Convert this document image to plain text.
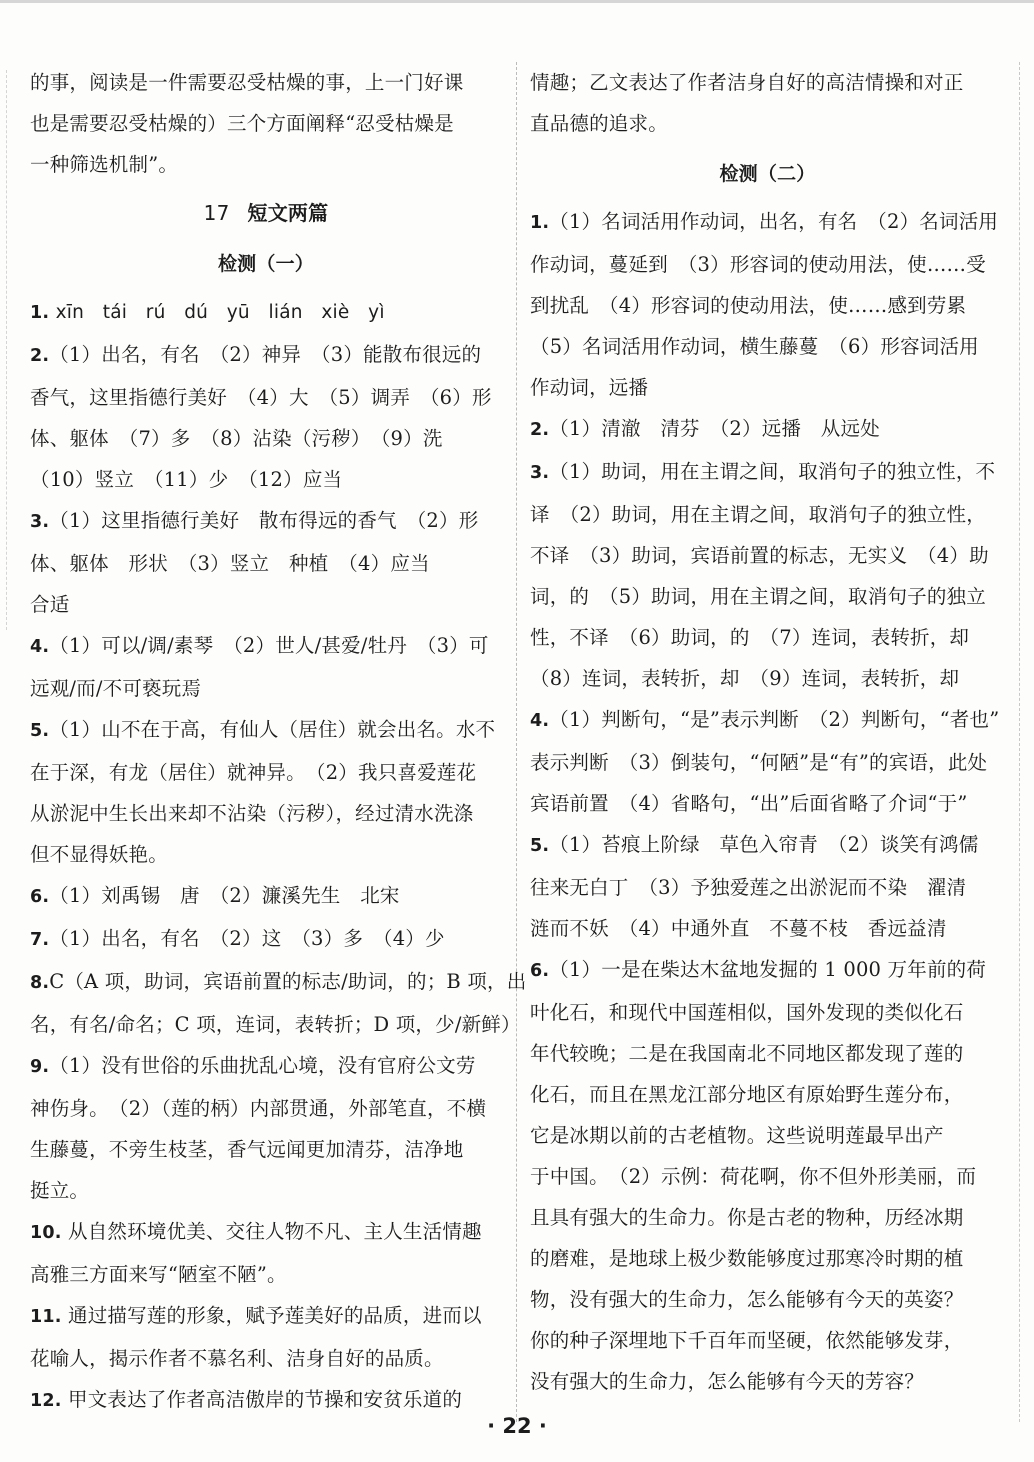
的事，阅读是一件需要忍受枯燥的事，上一门好课

也是需要忍受枯燥的）三个方面阐释“忍受枯燥是

一种筛选机制”。

17 短文两篇

检测（一）

1. xīn　tái　rú　dú　yū　lián　xiè　yì

2.（1）出名，有名　（2）神异　（3）能散布很远的

香气，这里指德行美好　（4）大　（5）调弄　（6）形

体、躯体　（7）多　（8）沾染（污秽）　（9）洗

（10）竖立　（11）少　（12）应当

3.（1）这里指德行美好　散布得远的香气　（2）形

体、躯体　形状　（3）竖立　种植　（4）应当

合适

4.（1）可以/调/素琴　（2）世人/甚爱/牡丹　（3）可

远观/而/不可亵玩焉

5.（1）山不在于高，有仙人（居住）就会出名。水不

在于深，有龙（居住）就神异。　（2）我只喜爱莲花

从淤泥中生长出来却不沾染（污秽），经过清水洗涤

但不显得妖艳。

6.（1）刘禹锡　唐　（2）濂溪先生　北宋

7.（1）出名，有名　（2）这　（3）多　（4）少

8.C（A 项，助词，宾语前置的标志/助词，的；B 项，出

名，有名/命名；C 项，连词，表转折；D 项，少/新鲜）

9.（1）没有世俗的乐曲扰乱心境，没有官府公文劳

神伤身。　（2）（莲的柄）内部贯通，外部笔直，不横

生藤蔓，不旁生枝茎，香气远闻更加清芬，洁净地

挺立。

10. 从自然环境优美、交往人物不凡、主人生活情趣

高雅三方面来写“陋室不陋”。

11. 通过描写莲的形象，赋予莲美好的品质，进而以

花喻人，揭示作者不慕名利、洁身自好的品质。

12. 甲文表达了作者高洁傲岸的节操和安贫乐道的

情趣；乙文表达了作者洁身自好的高洁情操和对正

直品德的追求。

检测（二）

1.（1）名词活用作动词，出名，有名　（2）名词活用

作动词，蔓延到　（3）形容词的使动用法，使……受

到扰乱　（4）形容词的使动用法，使……感到劳累

（5）名词活用作动词，横生藤蔓　（6）形容词活用

作动词，远播

2.（1）清澈　清芬　（2）远播　从远处

3.（1）助词，用在主谓之间，取消句子的独立性，不

译　（2）助词，用在主谓之间，取消句子的独立性，

不译　（3）助词，宾语前置的标志，无实义　（4）助

词，的　（5）助词，用在主谓之间，取消句子的独立

性，不译　（6）助词，的　（7）连词，表转折，却

（8）连词，表转折，却　（9）连词，表转折，却

4.（1）判断句，“是”表示判断　（2）判断句，“者也”

表示判断　（3）倒装句，“何陋”是“有”的宾语，此处

宾语前置　（4）省略句，“出”后面省略了介词“于”

5.（1）苔痕上阶绿　草色入帘青　（2）谈笑有鸿儒

往来无白丁　（3）予独爱莲之出淤泥而不染　濯清

涟而不妖　（4）中通外直　不蔓不枝　香远益清

6.（1）一是在柴达木盆地发掘的 1 000 万年前的荷

叶化石，和现代中国莲相似，国外发现的类似化石

年代较晚；二是在我国南北不同地区都发现了莲的

化石，而且在黑龙江部分地区有原始野生莲分布，

它是冰期以前的古老植物。这些说明莲最早出产

于中国。　（2）示例：荷花啊，你不但外形美丽，而

且具有强大的生命力。你是古老的物种，历经冰期

的磨难，是地球上极少数能够度过那寒冷时期的植

物，没有强大的生命力，怎么能够有今天的英姿？

你的种子深埋地下千百年而坚硬，依然能够发芽，

没有强大的生命力，怎么能够有今天的芳容？

· 22 ·
